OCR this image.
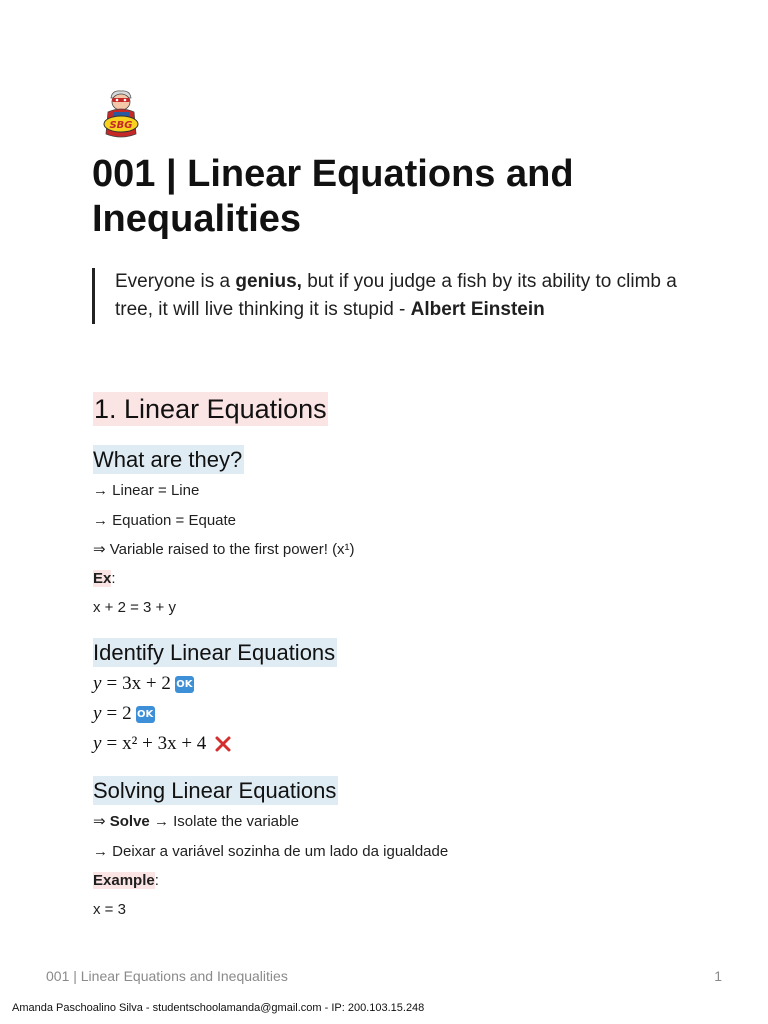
SBG
001 | Linear Equations and Inequalities
Everyone is a genius, but if you judge a fish by its ability to climb a tree, it will live thinking it is stupid - Albert Einstein
1. Linear Equations
What are they?
→ Linear = Line
→ Equation = Equate
⇒ Variable raised to the first power! (x¹)
Ex:
x + 2 = 3 + y
Identify Linear Equations
y = 3x + 2 OK
y = 2 OK
y = x² + 3x + 4
Solving Linear Equations
⇒ Solve → Isolate the variable
→ Deixar a variável sozinha de um lado da igualdade
Example:
x = 3
001 | Linear Equations and Inequalities	1
Amanda Paschoalino Silva - studentschoolamanda@gmail.com - IP: 200.103.15.248
